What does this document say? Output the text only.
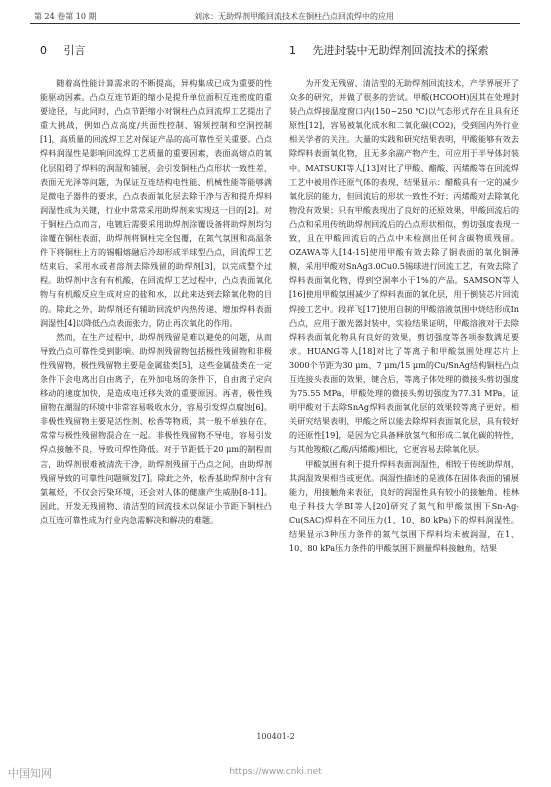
第 24 卷第 10 期	刘冰：无助焊剂甲酸回流技术在铜柱凸点回流焊中的应用
0 引言

随着高性能计算需求的不断提高，异构集成已成为重要的性能驱动因素。凸点互连节距的缩小是提升单位面积互连密度的重要途径，与此同时，凸点节距缩小对铜柱凸点回流焊工艺提出了重大挑战，例如凸点高度/共面性控制、锡须控制和空洞控制[1]，高质量的回流焊工艺对保证产品的高可靠性至关重要。凸点焊料润湿性是影响回流焊工艺质量的重要因素，表面高熔点的氧化层阻碍了焊料的润湿和铺展，会引发铜柱凸点形状一致性差、表面无光泽等问题，为保证互连结构电性能、机械性能等能够满足微电子器件的要求，凸点表面氧化层去除干净与否和提升焊料润湿性成为关键，行业中常常采用助焊剂来实现这一目的[2]。对于铜柱凸点而言，电镀后需要采用助焊剂涂覆设备将助焊剂均匀涂覆在铜柱表面，助焊剂将铜柱完全包覆，在氮气氛围和高温条件下将铜柱上方的锡帽熔融后冷却形成半球型凸点，回流焊工艺结束后，采用水或者溶剂去除残留的助焊剂[3]，以完成整个过程。助焊剂中含有有机酸，在回流焊工艺过程中，凸点表面氧化物与有机酸反应生成对应的盐和水，以此来达到去除氧化物的目的。除此之外，助焊剂还有辅助回流炉内热传递、增加焊料表面润湿性[4]以降低凸点表面张力，防止再次氧化的作用。

然而，在生产过程中，助焊剂残留是难以避免的问题，从而导致凸点可靠性受到影响。助焊剂残留物包括极性残留物和非极性残留物，极性残留物主要是金属盐类[5]，这些金属盐类在一定条件下会电离出自由离子，在外加电场的条件下，自由离子定向移动的速度加快，是造成电迁移失效的重要原因。再者，极性残留物在潮湿的环境中非常容易吸收水分，容易引发焊点腐蚀[6]。非极性残留物主要是活性剂、松香等物质，其一般不单独存在，常常与极性残留物混合在一起。非极性残留物不导电，容易引发焊点接触不良，导致可焊性降低。对于节距低于20 μm的制程而言，助焊剂很难被清洗干净，助焊剂残留于凸点之间，由助焊剂残留导致的可靠性问题频发[7]。除此之外，松香基助焊剂中含有氯氟烃，不仅会污染环境，还会对人体的健康产生威胁[8-11]。因此，开发无残留物、清洁型的回流技术以保证小节距下铜柱凸点互连可靠性成为行业内急需解决和解决的难题。

1 先进封装中无助焊剂回流技术的探索

为开发无残留、清洁型的无助焊剂回流技术，产学界展开了众多的研究，并做了很多的尝试。甲酸(HCOOH)因其在处理封装凸点焊接温度窗口内(150~250 ℃)以气态形式存在且具有还原性[12]，容易被氧化成水和二氧化碳(CO2)，受到国内外行业相关学者的关注。大量的实践和研究结果表明，甲酸能够有效去除焊料表面氧化物，且无多余副产物产生，可应用于半导体封装中。MATSUKI等人[13]对比了甲酸、醋酸、丙烯酸等在回流焊工艺中被用作还原气体的表现，结果显示：醋酸具有一定的减少氧化层的能力，但回流后的形状一致性不好；丙烯酸对去除氧化物没有效果；只有甲酸表现出了良好的还原效果，甲酸回流后的凸点和采用传统助焊剂回流后的凸点形状相似，剪切强度表现一致，且在甲酸回流后的凸点中未检测出任何含碳物质残留。OZAWA等人[14-15]使用甲酸有效去除了铜表面的氧化铜薄膜，采用甲酸对SnAg3.0Cu0.5锡球进行回流工艺，有效去除了焊料表面氧化物，得到空洞率小于1%的产品。SAMSON等人[16]使用甲酸氛围减少了焊料表面的氧化层，用于倒装芯片回流焊接工艺中。段祥飞[17]使用自制的甲酸溶液氛围中烧结形成In凸点，应用于激光器封装中，实验结果证明，甲酸溶液对于去除焊料表面氧化物具有良好的效果，剪切强度等各项参数满足要求。HUANG等人[18]对比了等离子和甲酸氛围处理芯片上3000个节距为30 μm、7 μm/15 μm的Cu/SnAg结构铜柱凸点互连接头表面的效果，键合后，等离子体处理的微接头剪切强度为75.55 MPa，甲酸处理的微接头剪切强度为77.31 MPa，证明甲酸对于去除SnAg焊料表面氧化层的效果较等离子更好。相关研究结果表明，甲酸之所以能去除焊料表面氧化层，具有较好的还原性[19]，是因为它具备释放氢气和形成二氧化碳的特性，与其他羧酸(乙酸/丙烯酸)相比，它更容易去除氧化层。

甲酸氛围有利于提升焊料表面润湿性，相较于传统助焊剂，其润湿效果相当或更优。润湿性描述的是液体在固体表面的铺展能力，用接触角来表征，良好的润湿性具有较小的接触角。桂林电子科技大学BI等人[20]研究了氮气和甲酸氛围下Sn-Ag-Cu(SAC)焊料在不同压力(1、10、80 kPa)下的焊料润湿性。结果显示3种压力条件的氮气氛围下焊料均未被润湿，在1、10、80 kPa压力条件的甲酸氛围下测量焊料接触角，结果

100401-2
中国知网	https://www.cnki.net
